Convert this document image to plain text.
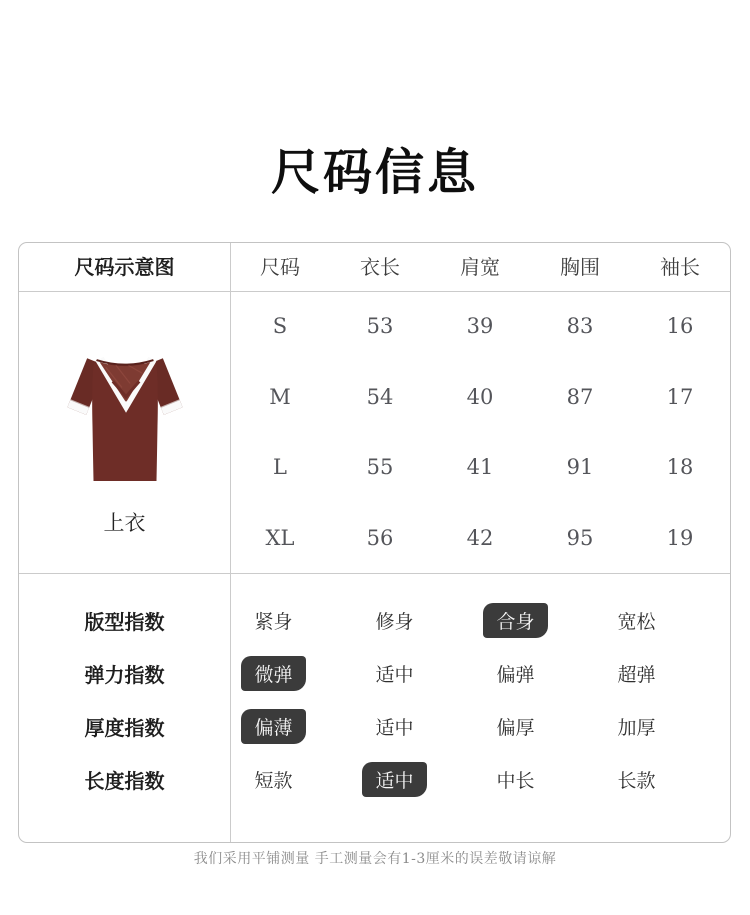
尺码信息
尺码示意图	尺码	衣长	肩宽	胸围	袖长
上衣
S	53	39	83	16
M	54	40	87	17
L	55	41	91	18
XL	56	42	95	19
版型指数	紧身	修身	合身	宽松
弹力指数	微弹	适中	偏弹	超弹
厚度指数	偏薄	适中	偏厚	加厚
长度指数	短款	适中	中长	长款
我们采用平铺测量 手工测量会有1-3厘米的误差敬请谅解
